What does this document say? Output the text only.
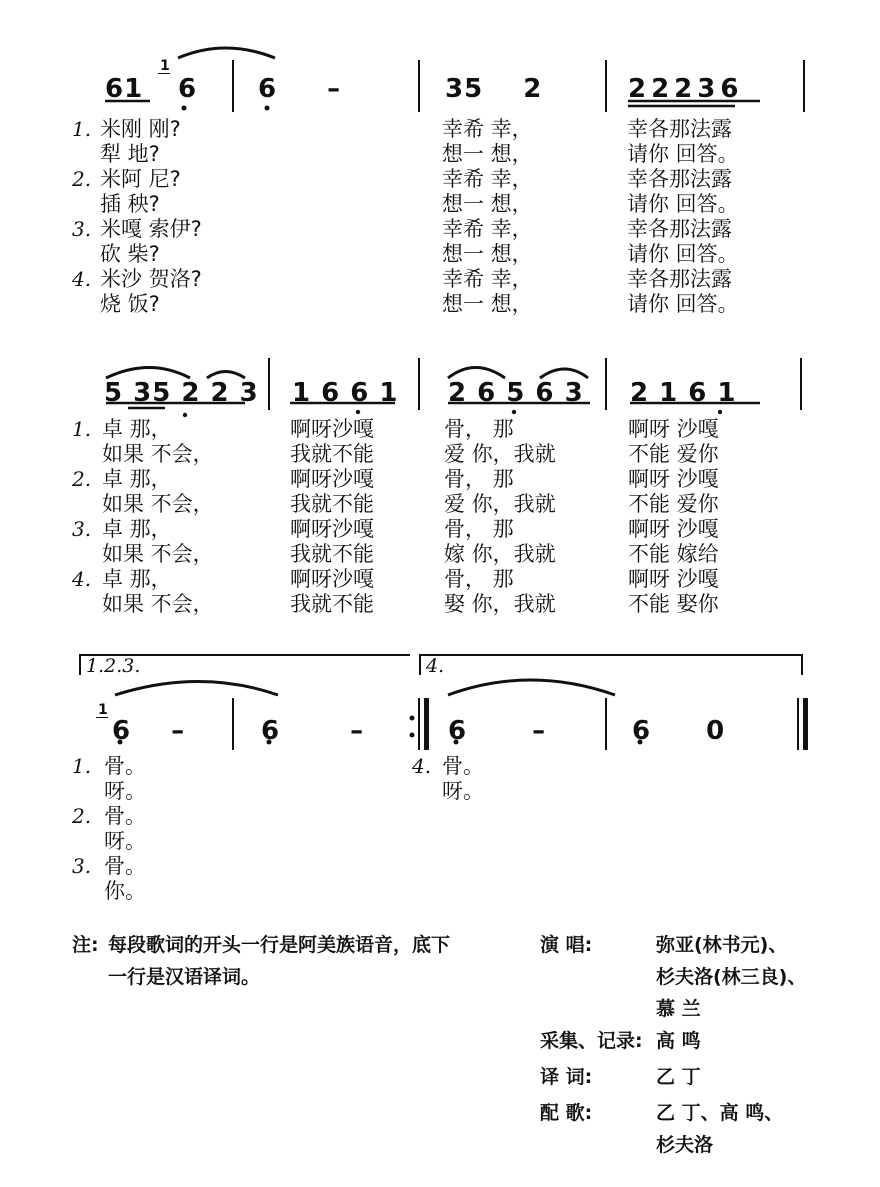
1
61 6 6 –	35 2	22236
1. 米刚 刚?	幸希 幸，	幸各那法露
犁 地?	想一 想，	请你 回答。
2. 米阿 尼?	幸希 幸，	幸各那法露
插 秧?	想一 想，	请你 回答。
3. 米嘎 索伊?	幸希 幸，	幸各那法露
砍 柴?	想一 想，	请你 回答。
4. 米沙 贺洛?	幸希 幸，	幸各那法露
烧 饭?	想一 想，	请你 回答。
5 35 2 2 3 1 6 6 1 2 6 5 6 3 2 1 6 1
1. 卓 那，	啊呀沙嘎	骨， 那	啊呀 沙嘎
如果 不会，	我就不能	爱 你，我就	不能 爱你
2. 卓 那，	啊呀沙嘎	骨， 那	啊呀 沙嘎
如果 不会，	我就不能	爱 你，我就	不能 爱你
3. 卓 那，	啊呀沙嘎	骨， 那	啊呀 沙嘎
如果 不会，	我就不能	嫁 你，我就	不能 嫁给
4. 卓 那，	啊呀沙嘎	骨， 那	啊呀 沙嘎
如果 不会，	我就不能	娶 你，我就	不能 娶你
1.2.3.	4.
1
6 –	6 –	6 –	6 0
1. 骨。
呀。
2. 骨。
呀。
3. 骨。
你。
4. 骨。
呀。
注: 每段歌词的开头一行是阿美族语音，底下
一行是汉语译词。
演 唱:	弥亚(林书元)、
杉夫洛(林三良)、
慕 兰
采集、记录: 高 鸣
译 词:	乙 丁
配 歌:	乙 丁、高 鸣、
杉夫洛
